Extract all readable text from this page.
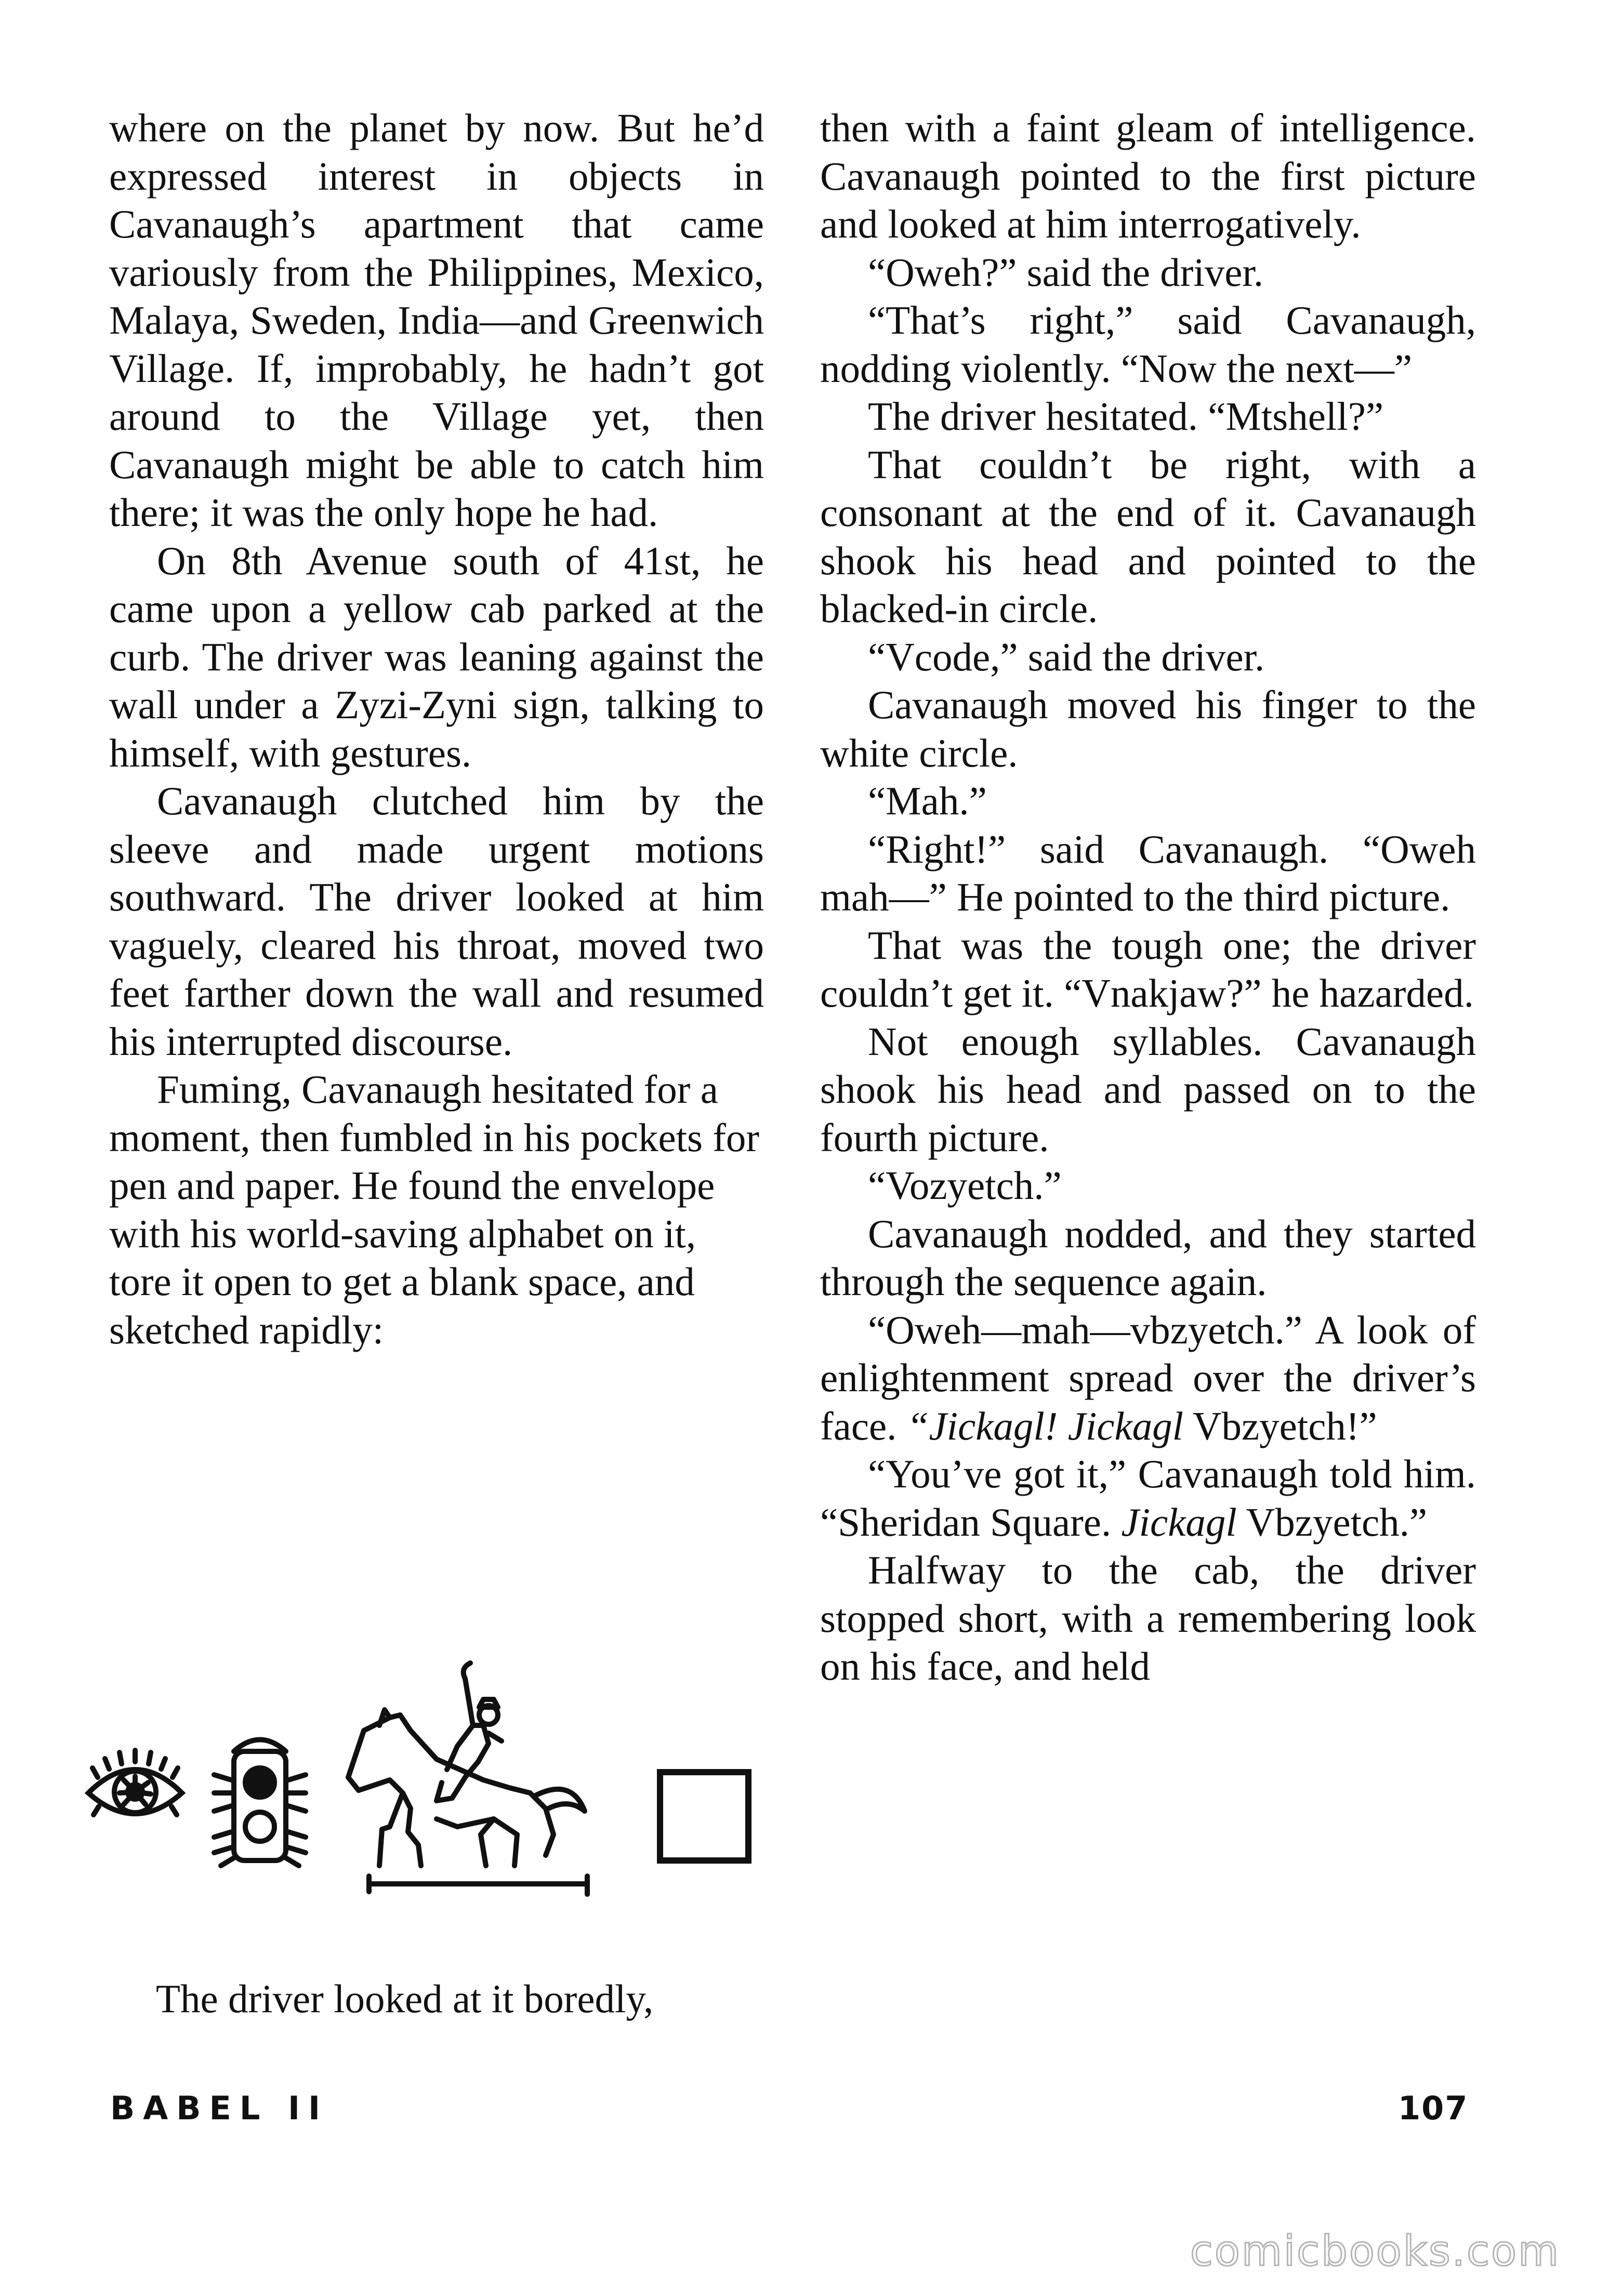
where on the planet by now. But he’d expressed interest in objects in Cavanaugh’s apartment that came variously from the Philippines, Mexico, Malaya, Sweden, India—and Greenwich Village. If, improbably, he hadn’t got around to the Village yet, then Cavanaugh might be able to catch him there; it was the only hope he had.

On 8th Avenue south of 41st, he came upon a yellow cab parked at the curb. The driver was leaning against the wall under a Zyzi-Zyni sign, talking to himself, with gestures.

Cavanaugh clutched him by the sleeve and made urgent motions southward. The driver looked at him vaguely, cleared his throat, moved two feet farther down the wall and resumed his interrupted discourse.

Fuming, Cavanaugh hesitated for a moment, then fumbled in his pockets for pen and paper. He found the envelope with his world-saving alphabet on it, tore it open to get a blank space, and sketched rapidly:

The driver looked at it boredly,

then with a faint gleam of intelligence. Cavanaugh pointed to the first picture and looked at him interrogatively.

“Oweh?” said the driver.

“That’s right,” said Cavanaugh, nodding violently. “Now the next—”

The driver hesitated. “Mtshell?”

That couldn’t be right, with a consonant at the end of it. Cavanaugh shook his head and pointed to the blacked-in circle.

“Vcode,” said the driver.

Cavanaugh moved his finger to the white circle.

“Mah.”

“Right!” said Cavanaugh. “Oweh mah—” He pointed to the third picture.

That was the tough one; the driver couldn’t get it. “Vnakjaw?” he hazarded.

Not enough syllables. Cavanaugh shook his head and passed on to the fourth picture.

“Vozyetch.”

Cavanaugh nodded, and they started through the sequence again.

“Oweh—mah—vbzyetch.” A look of enlightenment spread over the driver’s face. “Jickagl! Jickagl Vbzyetch!”

“You’ve got it,” Cavanaugh told him. “Sheridan Square. Jickagl Vbzyetch.”

Halfway to the cab, the driver stopped short, with a remembering look on his face, and held

BABEL II	107
comicbooks.com
